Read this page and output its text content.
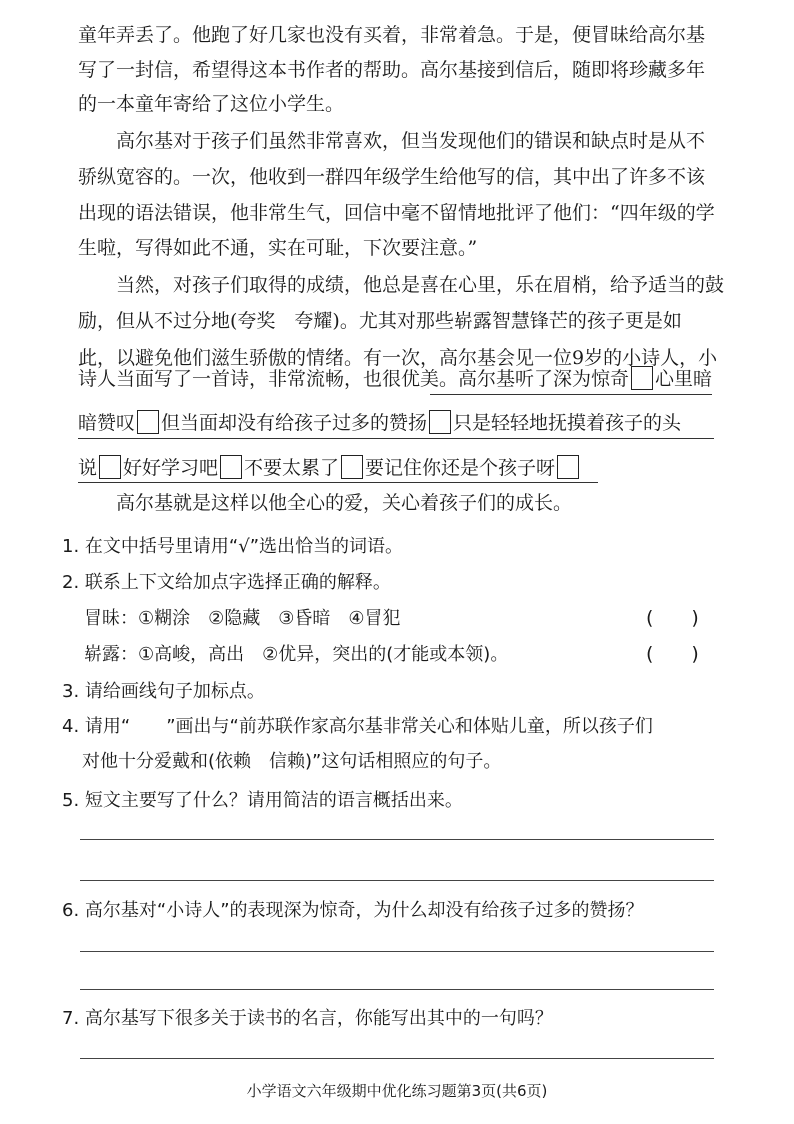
童年弄丢了。他跑了好几家也没有买着，非常着急。于是，便冒昧给高尔基
写了一封信，希望得这本书作者的帮助。高尔基接到信后，随即将珍藏多年
的一本童年寄给了这位小学生。
高尔基对于孩子们虽然非常喜欢，但当发现他们的错误和缺点时是从不
骄纵宽容的。一次，他收到一群四年级学生给他写的信，其中出了许多不该
出现的语法错误，他非常生气，回信中毫不留情地批评了他们：“四年级的学
生啦，写得如此不通，实在可耻，下次要注意。”
当然，对孩子们取得的成绩，他总是喜在心里，乐在眉梢，给予适当的鼓
励，但从不过分地(夸奖　夸耀)。尤其对那些崭露智慧锋芒的孩子更是如
此，以避免他们滋生骄傲的情绪。有一次，高尔基会见一位9岁的小诗人，小
诗人当面写了一首诗，非常流畅，也很优美。高尔基听了深为惊奇 心里暗
暗赞叹 但当面却没有给孩子过多的赞扬 只是轻轻地抚摸着孩子的头
说 好好学习吧 不要太累了 要记住你还是个孩子呀
高尔基就是这样以他全心的爱，关心着孩子们的成长。
1. 在文中括号里请用“√”选出恰当的词语。
2. 联系上下文给加点字选择正确的解释。
冒昧：①糊涂　②隐藏　③昏暗　④冒犯	(　　)
崭露：①高峻，高出　②优异，突出的(才能或本领)。	(　　)
3. 请给画线句子加标点。
4. 请用“　　”画出与“前苏联作家高尔基非常关心和体贴儿童，所以孩子们
对他十分爱戴和(依赖　信赖)”这句话相照应的句子。
5. 短文主要写了什么？请用简洁的语言概括出来。
6. 高尔基对“小诗人”的表现深为惊奇，为什么却没有给孩子过多的赞扬？
7. 高尔基写下很多关于读书的名言，你能写出其中的一句吗？
小学语文六年级期中优化练习题第3页(共6页)
